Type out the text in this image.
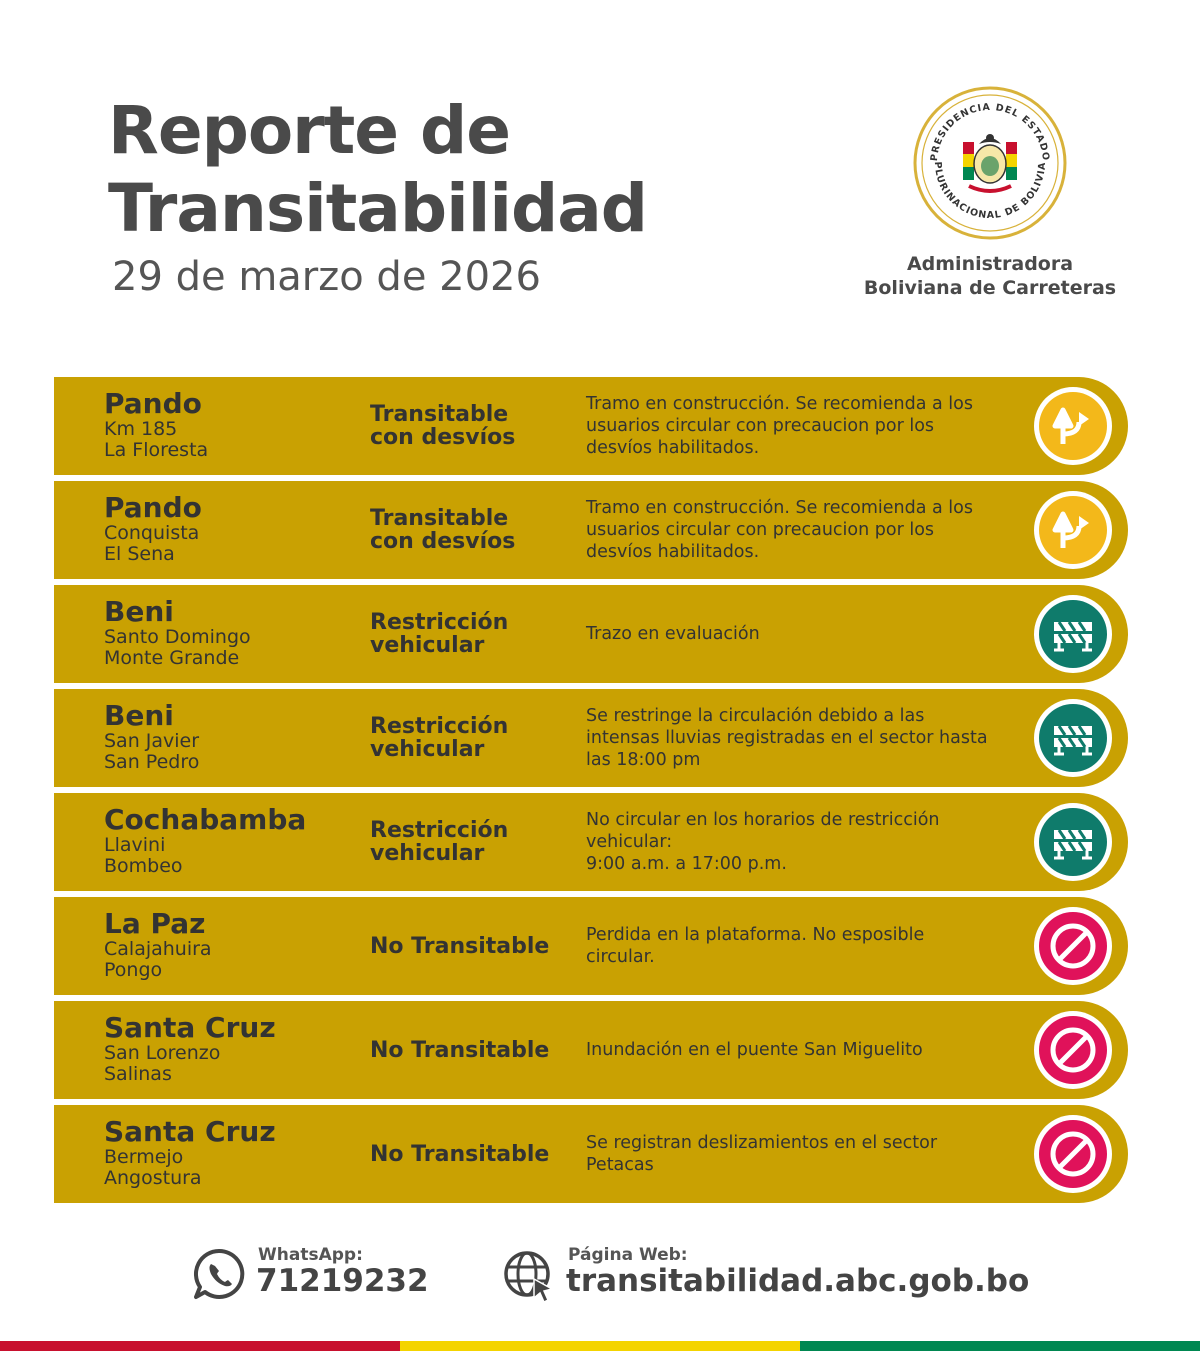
Reporte de
Transitabilidad
29 de marzo de 2026
PRESIDENCIA DEL ESTADO
PLURINACIONAL DE BOLIVIA
Administradora
Boliviana de Carreteras
Pando
Km 185
La Floresta
Transitable
con desvíos
Tramo en construcción. Se recomienda a los usuarios circular con precaucion por los desvíos habilitados.
Pando
Conquista
El Sena
Transitable
con desvíos
Tramo en construcción. Se recomienda a los usuarios circular con precaucion por los desvíos habilitados.
Beni
Santo Domingo
Monte Grande
Restricción
vehicular	Trazo en evaluación
Beni
San Javier
San Pedro
Restricción
vehicular
Se restringe la circulación debido a las intensas lluvias registradas en el sector hasta las 18:00 pm
Cochabamba
Llavini
Bombeo
Restricción
vehicular
No circular en los horarios de restricción vehicular:
9:00 a.m. a 17:00 p.m.
La Paz
Calajahuira
Pongo
No Transitable Perdida en la plataforma. No esposible circular.
Santa Cruz
San Lorenzo
Salinas
No Transitable Inundación en el puente San Miguelito
Santa Cruz
Bermejo
Angostura
No Transitable Se registran deslizamientos en el sector Petacas
WhatsApp:
71219232
Página Web:
transitabilidad.abc.gob.bo
